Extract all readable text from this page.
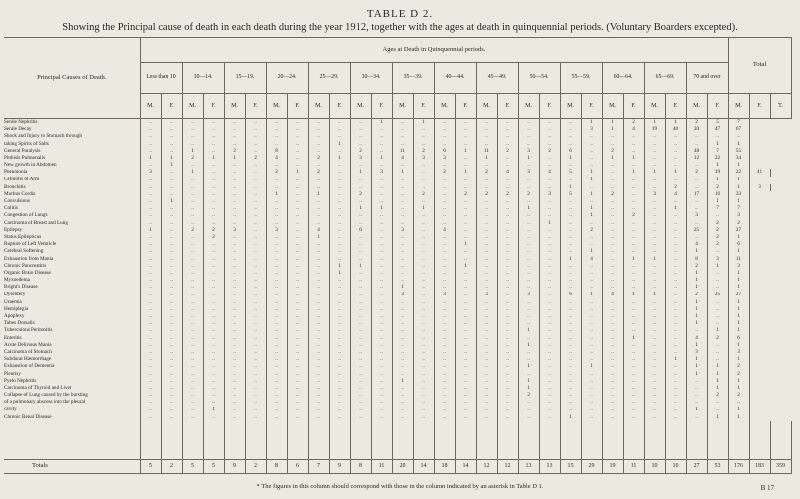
TABLE D 2.
Showing the Principal cause of death in each death during the year 1912, together with the ages at death in quinquennial periods. (Voluntary Boarders excepted).
Principal Causes of Death.	Ages at Death in Quinquennial periods.																												Total		
	Less than 10		10—14.		15—19.		20—24.		25—29.		30—34.		35—39.		40—44.		45—49.		50—54.		55—59.		60—64.		65—69.		70 and over				
	M.	F.	M.	F.	M.	F.	M.	F.	M.	F.	M.	F.	M.	F.	M.	F.	M.	F.	M.	F.	M.	F.	M.	F.	M.	F.	M.	F.	M.	F.	T.
Senile Nephritis	..	..	..	..	..	..	..	..	..	..	..	1	..	1	..	..	..	..	..	..	..	1	1	2	1	1	2	5	7		
Senile Decay	..	..	..	..	..	..	..	..	..	..	..	..	..	..	..	..	..	..	..	..	..	3	1	4	19	40	20	47	67		
Shock and Injury to Stomach through	..	..	..	..	..	..	..	..	..	..	..	..	..	..	..	..	..	..	..	..	..	..	..	..	..	..	..	..	..		
taking Spirits of Salts	..	..	..	..	..	..	..	..	..	1	..	..	..	..	..	..	..	..	..	..	..	..	..	..	..	..	..	1	1		
General Paralysis	..	..	1	..	2	..	8	..	..	..	2	..	11	2	6	1	11	2	3	2	6	..	2	..	..	..	48	7	55		
Phthisis Pulmonalis	1	1	2	1	1	2	4	..	2	1	3	1	4	3	3	..	1	..	1	..	1	..	1	1	..	..	12	22	34		
New growth in Abdomen	..	1	..	..	..	..	..	..	..	..	..	..	..	..	..	..	..	..	..	..	..	..	..	..	..	..	..	1	1		
Pneumonia	3	..	1	..	..	..	2	1	2	..	1	3	1	..	2	1	2	4	3	4	5	1	..	1	1	1	2	19	22	41	
Cellulitis of Arm	..	..	..	..	..	..	..	..	..	..	..	..	..	..	..	..	..	..	..	..	..	1	..	..	..	..	..	1	1		
Bronchitis	..	..	..	..	..	..	..	..	..	..	..	..	..	..	..	..	..	..	..	..	1	..	..	..	..	2	..	2	1	3	
Morbus Cordis	..	..	..	..	..	..	1	..	1	..	2	..	..	2	..	2	2	2	2	3	5	1	2	..	3	4	17	16	33		
Convulsions	..	1	..	..	..	..	..	..	..	..	..	..	..	..	..	..	..	..	..	..	..	..	..	..	..	..	..	1	1		
Colitis	..	..	..	..	..	..	..	..	..	..	1	1	..	1	..	..	..	..	1	..	..	1	..	..	..	1	..	7	7		
Congestion of Lungs	..	..	..	..	..	..	..	..	..	..	..	..	..	..	..	..	..	..	..	..	..	1	..	2	..	..	3	..	3		
Carcinoma of Breast and Lung	..	..	..	..	..	..	..	..	..	..	..	..	..	..	..	..	..	..	..	1	..	..	..	..	..	..	..	2	2		
Epilepsy	1	..	2	2	3	..	3	..	4	..	6	..	3	..	4	..	..	..	..	..	..	2	..	..	..	..	25	2	27		
Status Epilepticus	..	..	..	2	..	..	..	..	1	..	..	..	..	..	..	..	..	..	..	..	..	..	..	..	..	..	..	2	1		
Rupture of Left Ventricle	..	..	..	..	..	..	..	..	..	..	..	..	..	..	..	1	..	..	..	..	..	..	..	..	..	..	4	2	6		
Cerebral Softening	..	..	..	..	..	..	..	..	..	..	..	..	..	..	..	..	..	..	..	..	..	1	..	..	..	..	1	..	1		
Exhaustion from Mania	..	..	..	..	..	..	..	..	..	..	..	..	..	..	..	..	..	..	..	..	1	4	..	1	1	..	8	3	11		
Chronic Pancreatitis	..	..	..	..	..	..	..	..	..	1	1	..	..	..	..	1	..	..	..	..	..	..	..	..	..	..	2	1	3		
Organic Brain Disease	..	..	..	..	..	..	..	..	..	1	..	..	..	..	..	..	..	..	..	..	..	..	..	..	..	..	1	..	1		
Myxoedema	..	..	..	..	..	..	..	..	..	..	..	..	..	..	..	..	..	..	..	..	..	..	..	..	..	..	1	..	1		
Bright's Disease	..	..	..	..	..	..	..	..	..	..	..	..	1	..	..	..	..	..	..	..	..	..	..	..	..	..	1	..	1		
Dysentery	..	..	..	..	..	..	..	..	..	..	..	..	3	..	3	..	3	..	3	..	6	1	4	1	1	..	2	25	27		
Uraemia	..	..	..	..	..	..	..	..	..	..	..	..	..	..	..	..	..	..	..	..	..	..	..	..	..	..	1	..	1		
Hemiplegia	..	..	..	..	..	..	..	..	..	..	..	..	..	..	..	..	..	..	..	..	..	..	..	..	..	..	1	..	1		
Apoplexy	..	..	..	..	..	..	..	..	..	..	..	..	..	..	..	..	..	..	..	..	..	..	..	..	..	..	1	..	1		
Tabes Dorsalis	..	..	..	..	..	..	..	..	..	..	..	..	..	..	..	..	..	..	..	..	..	..	..	..	..	..	1	..	1		
Tuberculous Peritonitis	..	..	..	..	..	..	..	..	..	..	..	..	..	..	..	..	..	..	1	..	..	..	..	..	..	..	..	1	1		
Enteritis	..	..	..	..	..	..	..	..	..	..	..	..	..	..	..	..	..	..	..	..	..	..	..	1	..	..	4	2	6		
Acute Delirious Mania	..	..	..	..	..	..	..	..	..	..	..	..	..	..	..	..	..	..	1	..	..	..	..	..	..	..	1	..	1		
Carcinoma of Stomach	..	..	..	..	..	..	..	..	..	..	..	..	..	..	..	..	..	..	..	..	..	..	..	..	..	..	3	..	3		
Subdural Hæmorrhage	..	..	..	..	..	..	..	..	..	..	..	..	..	..	..	..	..	..	..	..	..	..	..	..	..	1	1	..	1		
Exhaustion of Dementia	..	..	..	..	..	..	..	..	..	..	..	..	..	..	..	..	..	..	1	..	..	1	..	..	..	..	1	1	2		
Pleurisy	..	..	..	..	..	..	..	..	..	..	..	..	..	..	..	..	..	..	..	..	..	..	..	..	..	..	1	1	2		
Pyelo Nephritis	..	..	..	..	..	..	..	..	..	..	..	..	1	..	..	..	..	..	1	..	..	..	..	..	..	..	..	1	1		
Carcinoma of Thyroid and Liver	..	..	..	..	..	..	..	..	..	..	..	..	..	..	..	..	..	..	1	..	..	..	..	..	..	..	..	1	1		
Collapse of Lung caused by the bursting	..	..	..	..	..	..	..	..	..	..	..	..	..	..	..	..	..	..	2	..	..	..	..	..	..	..	..	2	2		
of a pulmonary abscess into the pleural	..	..	..	..	..	..	..	..	..	..	..	..	..	..	..	..	..	..	..	..	..	..	..	..	..	..	..	..	..		
cavity	..	..	..	1	..	..	..	..	..	..	..	..	..	..	..	..	..	..	..	..	..	..	..	..	..	..	1	..	1		
Chronic Renal Disease	..	..	..	..	..	..	..	..	..	..	..	..	..	..	..	..	..	..	..	..	1	..	..	..	..	..	..	1	1		

Totals	5	2	5	5	9	2	8	6	7	9	8	11	20	14	18	14	12	12	13	13	15	29	19	11	10	10	27	53	176	183	359
* The figures in this column should correspond with those in the column indicated by an asterisk in Table D 1.	B 17
